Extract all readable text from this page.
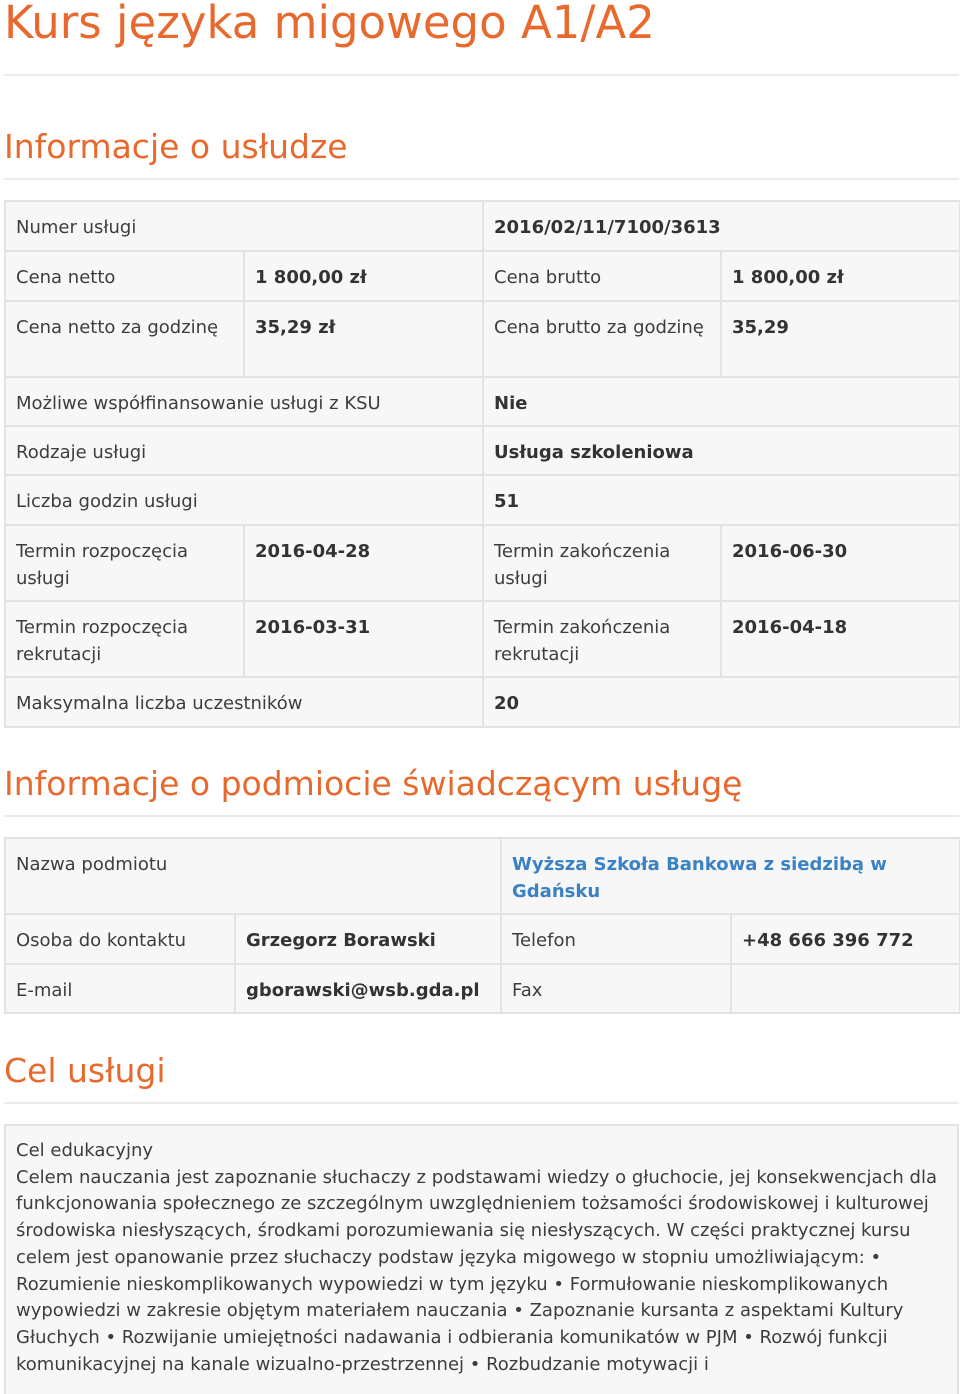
Kurs języka migowego A1/A2
Informacje o usłudze
Numer usługi		2016/02/11/7100/3613	
Cena netto	1 800,00 zł	Cena brutto	1 800,00 zł
Cena netto za godzinę	35,29 zł	Cena brutto za godzinę	35,29
Możliwe współfinansowanie usługi z KSU		Nie	
Rodzaje usługi		Usługa szkoleniowa	
Liczba godzin usługi		51	
Termin rozpoczęcia usługi	2016-04-28	Termin zakończenia usługi	2016-06-30
Termin rozpoczęcia rekrutacji	2016-03-31	Termin zakończenia rekrutacji	2016-04-18
Maksymalna liczba uczestników		20	
Informacje o podmiocie świadczącym usługę
Nazwa podmiotu		Wyższa Szkoła Bankowa z siedzibą w Gdańsku	
Osoba do kontaktu	Grzegorz Borawski	Telefon	+48 666 396 772
E-mail	gborawski@wsb.gda.pl	Fax	
Cel usługi
Cel edukacyjny
Celem nauczania jest zapoznanie słuchaczy z podstawami wiedzy o głuchocie, jej konsekwencjach dla funkcjonowania społecznego ze szczególnym uwzględnieniem tożsamości środowiskowej i kulturowej środowiska niesłyszących, środkami porozumiewania się niesłyszących. W części praktycznej kursu celem jest opanowanie przez słuchaczy podstaw języka migowego w stopniu umożliwiającym: • Rozumienie nieskomplikowanych wypowiedzi w tym języku • Formułowanie nieskomplikowanych wypowiedzi w zakresie objętym materiałem nauczania • Zapoznanie kursanta z aspektami Kultury Głuchych • Rozwijanie umiejętności nadawania i odbierania komunikatów w PJM • Rozwój funkcji komunikacyjnej na kanale wizualno-przestrzennej • Rozbudzanie motywacji i
